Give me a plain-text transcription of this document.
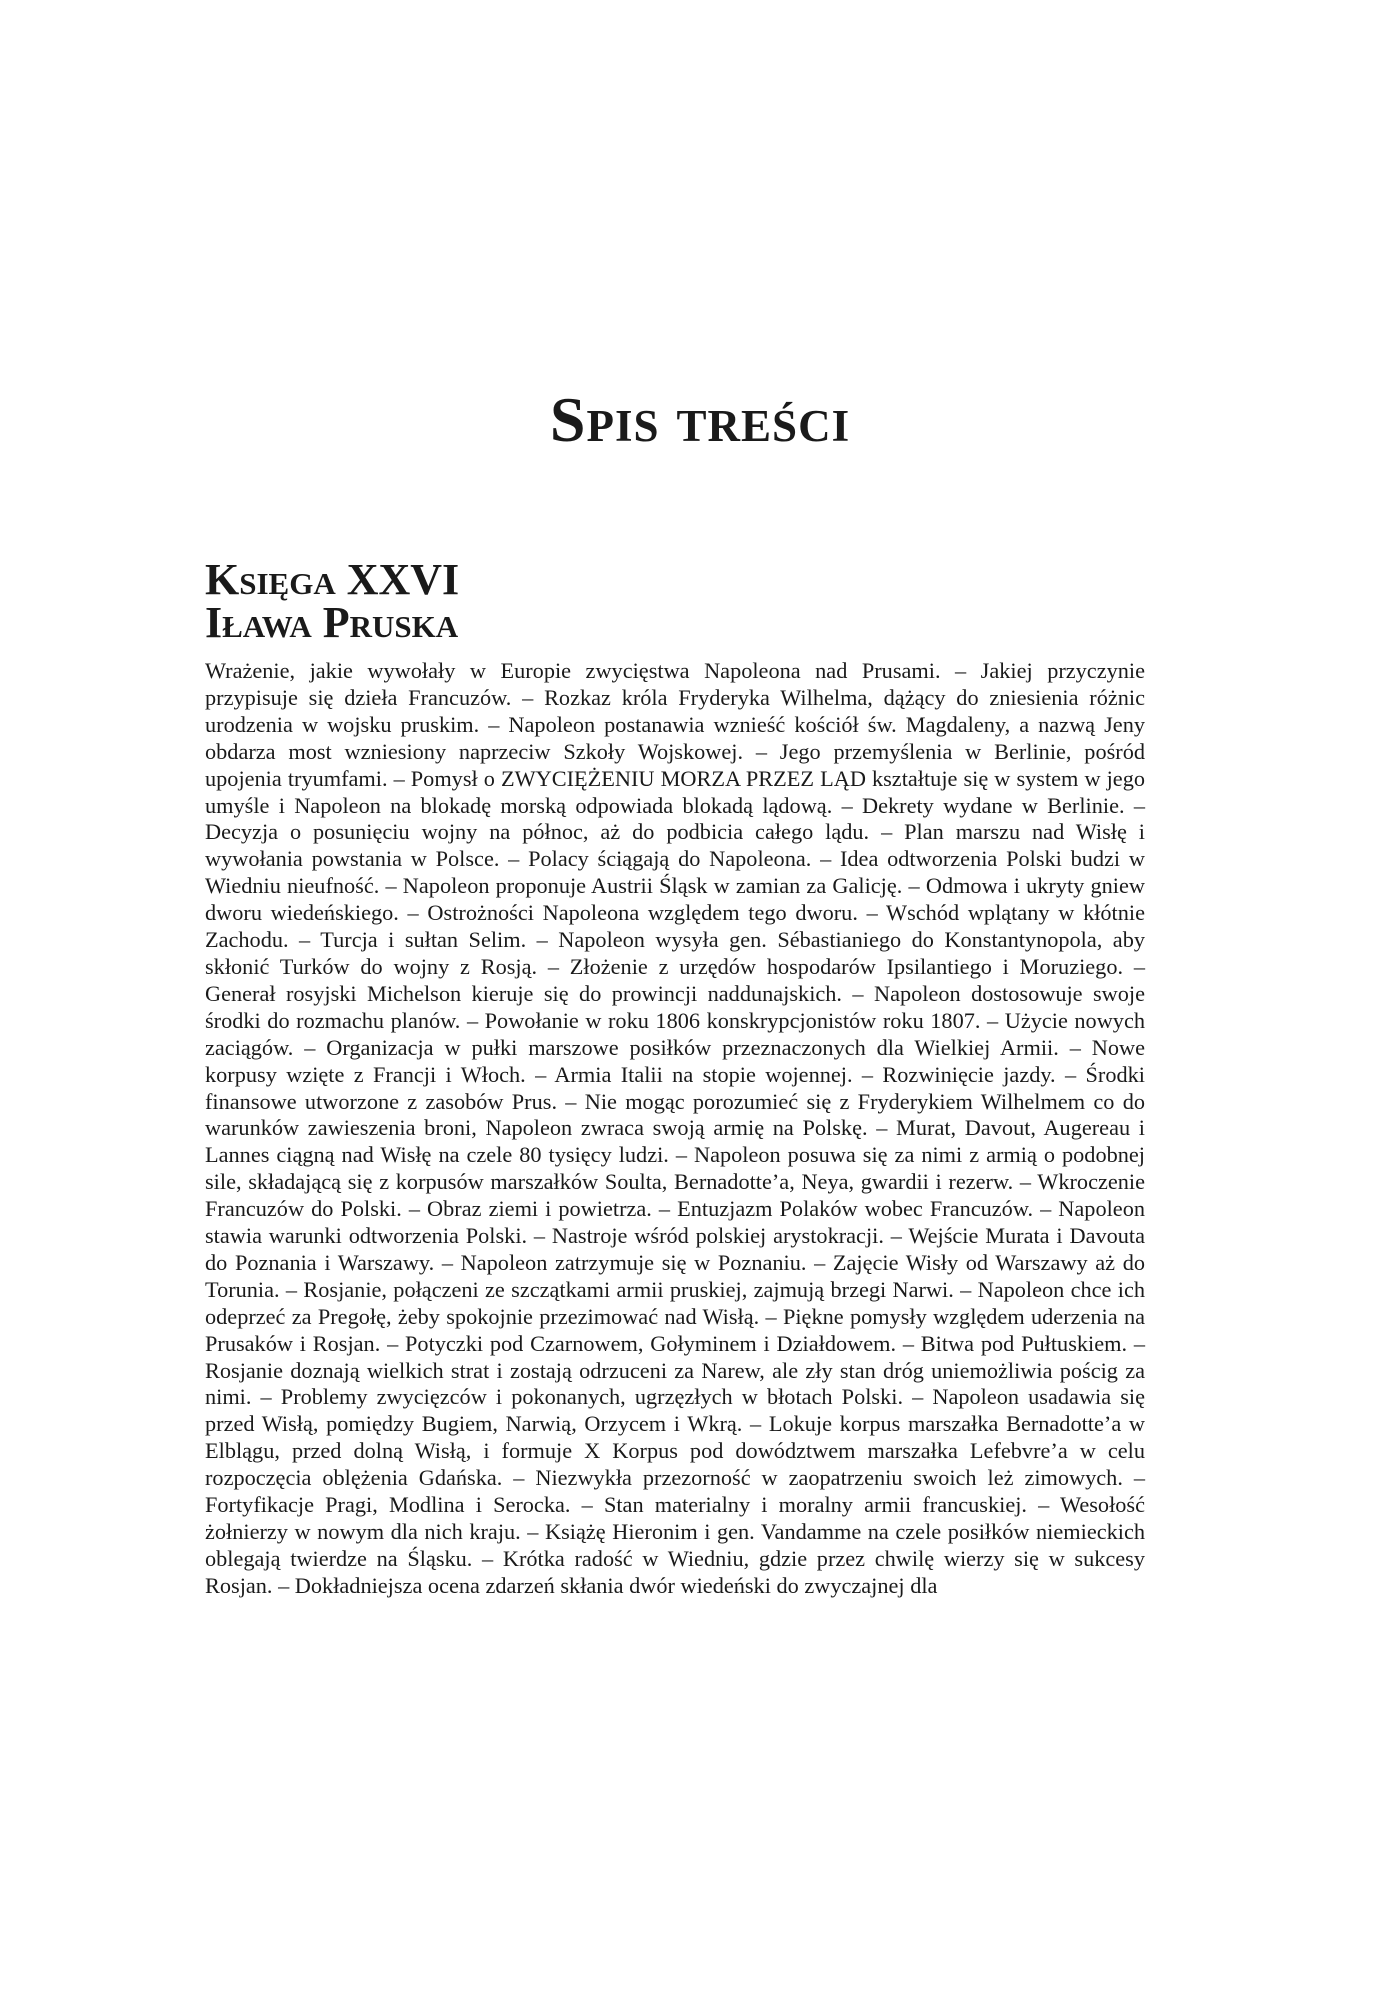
Spis treści
Księga XXVI
Iława Pruska

Wrażenie, jakie wywołały w Europie zwycięstwa Napoleona nad Prusami. – Jakiej przyczynie przypisuje się dzieła Francuzów. – Rozkaz króla Fryderyka Wilhelma, dążący do zniesienia różnic urodzenia w wojsku pruskim. – Napoleon postanawia wznieść kościół św. Magdaleny, a nazwą Jeny obdarza most wzniesiony naprzeciw Szkoły Wojskowej. – Jego przemyślenia w Berlinie, pośród upojenia tryumfami. – Pomysł o ZWYCIĘŻENIU MORZA PRZEZ LĄD kształtuje się w system w jego umyśle i Napoleon na blokadę morską odpowiada blokadą lądową. – Dekrety wydane w Berlinie. – Decyzja o posunięciu wojny na północ, aż do podbicia całego lądu. – Plan marszu nad Wisłę i wywołania powstania w Polsce. – Polacy ściągają do Napoleona. – Idea odtworzenia Polski budzi w Wiedniu nieufność. – Napoleon proponuje Austrii Śląsk w zamian za Galicję. – Odmowa i ukryty gniew dworu wiedeńskiego. – Ostrożności Napoleona względem tego dworu. – Wschód wplątany w kłótnie Zachodu. – Turcja i sułtan Selim. – Napoleon wysyła gen. Sébastianiego do Konstantynopola, aby skłonić Turków do wojny z Rosją. – Złożenie z urzędów hospodarów Ipsilantiego i Moruziego. – Generał rosyjski Michelson kieruje się do prowincji naddunajskich. – Napoleon dostosowuje swoje środki do rozmachu planów. – Powołanie w roku 1806 konskrypcjonistów roku 1807. – Użycie nowych zaciągów. – Organizacja w pułki marszowe posiłków przeznaczonych dla Wielkiej Armii. – Nowe korpusy wzięte z Francji i Włoch. – Armia Italii na stopie wojennej. – Rozwinięcie jazdy. – Środki finansowe utworzone z zasobów Prus. – Nie mogąc porozumieć się z Fryderykiem Wilhelmem co do warunków zawieszenia broni, Napoleon zwraca swoją armię na Polskę. – Murat, Davout, Augereau i Lannes ciągną nad Wisłę na czele 80 tysięcy ludzi. – Napoleon posuwa się za nimi z armią o podobnej sile, składającą się z korpusów marszałków Soulta, Bernadotte’a, Neya, gwardii i rezerw. – Wkroczenie Francuzów do Polski. – Obraz ziemi i powietrza. – Entuzjazm Polaków wobec Francuzów. – Napoleon stawia warunki odtworzenia Polski. – Nastroje wśród polskiej arystokracji. – Wejście Murata i Davouta do Poznania i Warszawy. – Napoleon zatrzymuje się w Poznaniu. – Zajęcie Wisły od Warszawy aż do Torunia. – Rosjanie, połączeni ze szczątkami armii pruskiej, zajmują brzegi Narwi. – Napoleon chce ich odeprzeć za Pregołę, żeby spokojnie przezimować nad Wisłą. – Piękne pomysły względem uderzenia na Prusaków i Rosjan. – Potyczki pod Czarnowem, Gołyminem i Działdowem. – Bitwa pod Pułtuskiem. – Rosjanie doznają wielkich strat i zostają odrzuceni za Narew, ale zły stan dróg uniemożliwia pościg za nimi. – Problemy zwycięzców i pokonanych, ugrzęzłych w błotach Polski. – Napoleon usadawia się przed Wisłą, pomiędzy Bugiem, Narwią, Orzycem i Wkrą. – Lokuje korpus marszałka Bernadotte’a w Elblągu, przed dolną Wisłą, i formuje X Korpus pod dowództwem marszałka Lefebvre’a w celu rozpoczęcia oblężenia Gdańska. – Niezwykła przezorność w zaopatrzeniu swoich leż zimowych. – Fortyfikacje Pragi, Modlina i Serocka. – Stan materialny i moralny armii francuskiej. – Wesołość żołnierzy w nowym dla nich kraju. – Książę Hieronim i gen. Vandamme na czele posiłków niemieckich oblegają twierdze na Śląsku. – Krótka radość w Wiedniu, gdzie przez chwilę wierzy się w sukcesy Rosjan. – Dokładniejsza ocena zdarzeń skłania dwór wiedeński do zwyczajnej dla
